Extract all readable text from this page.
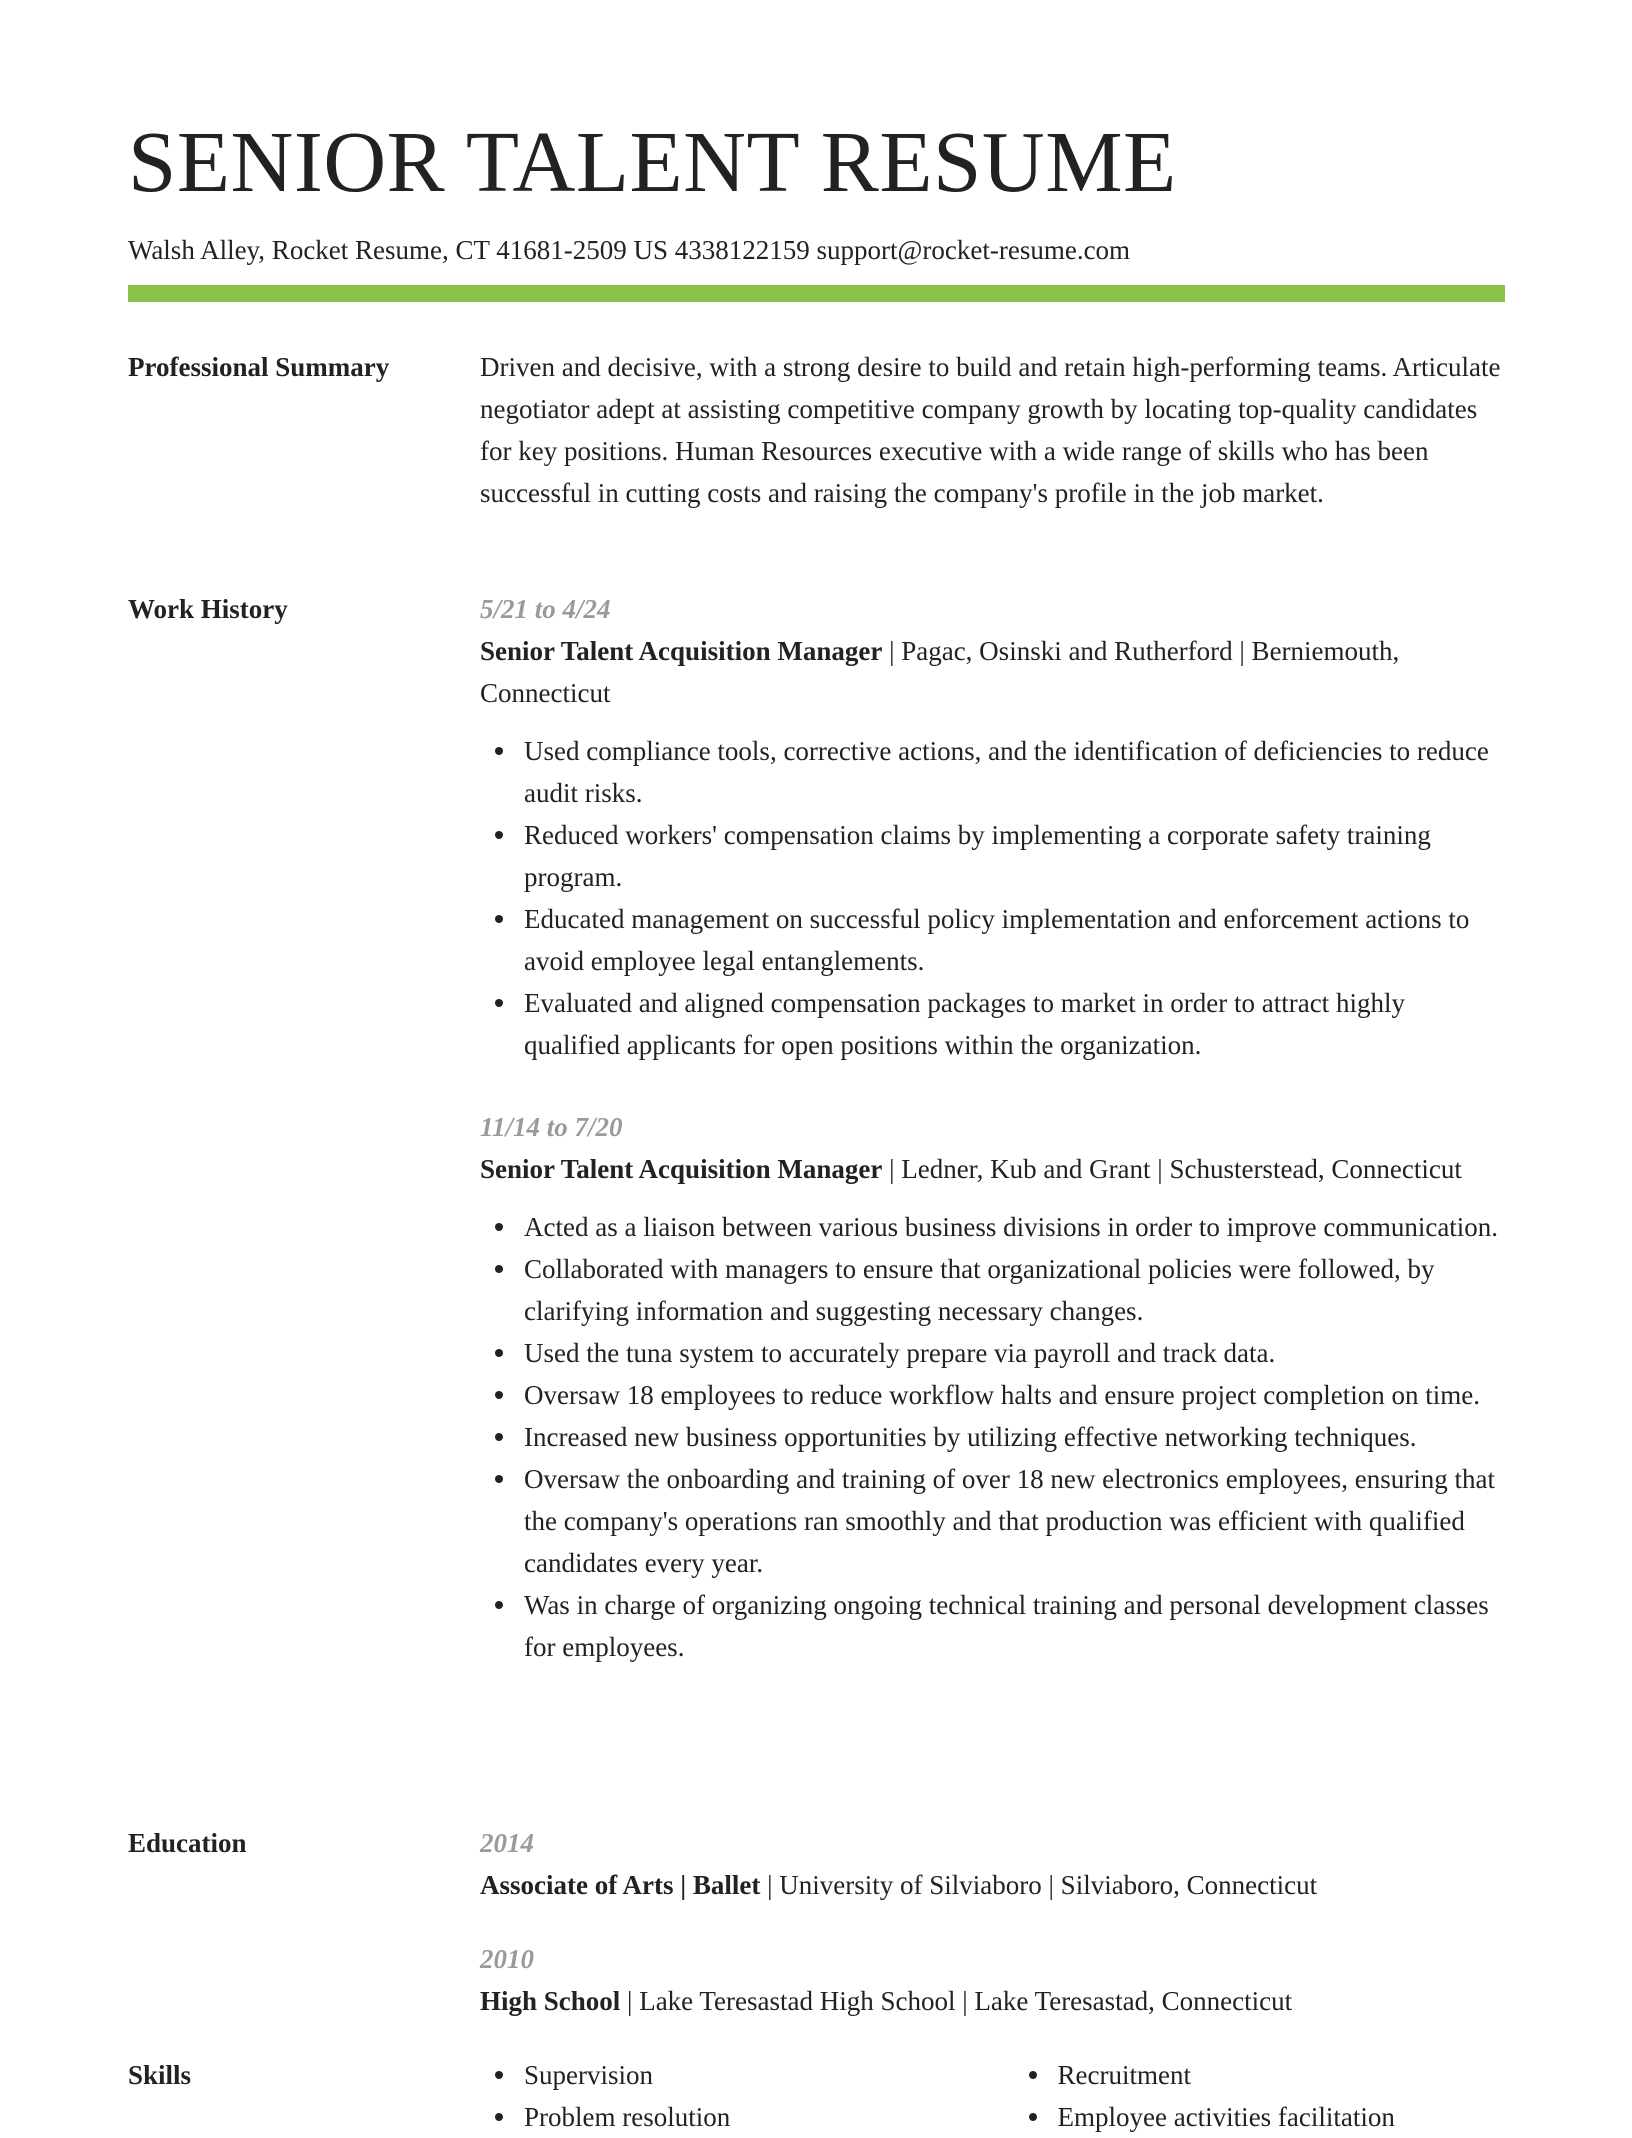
SENIOR TALENT RESUME
Walsh Alley, Rocket Resume, CT 41681-2509 US 4338122159 support@rocket-resume.com
Professional Summary	Driven and decisive, with a strong desire to build and retain high-performing teams. Articulate negotiator adept at assisting competitive company growth by locating top-quality candidates for key positions. Human Resources executive with a wide range of skills who has been successful in cutting costs and raising the company's profile in the job market.

Work History	5/21 to 4/24
Senior Talent Acquisition Manager | Pagac, Osinski and Rutherford | Berniemouth, Connecticut
Used compliance tools, corrective actions, and the identification of deficiencies to reduce audit risks.
Reduced workers' compensation claims by implementing a corporate safety training program.
Educated management on successful policy implementation and enforcement actions to avoid employee legal entanglements.
Evaluated and aligned compensation packages to market in order to attract highly qualified applicants for open positions within the organization.
11/14 to 7/20
Senior Talent Acquisition Manager | Ledner, Kub and Grant | Schusterstead, Connecticut
Acted as a liaison between various business divisions in order to improve communication.
Collaborated with managers to ensure that organizational policies were followed, by clarifying information and suggesting necessary changes.
Used the tuna system to accurately prepare via payroll and track data.
Oversaw 18 employees to reduce workflow halts and ensure project completion on time.
Increased new business opportunities by utilizing effective networking techniques.
Oversaw the onboarding and training of over 18 new electronics employees, ensuring that the company's operations ran smoothly and that production was efficient with qualified candidates every year.
Was in charge of organizing ongoing technical training and personal development classes for employees.
Education	2014
Associate of Arts | Ballet | University of Silviaboro | Silviaboro, Connecticut
2010
High School | Lake Teresastad High School | Lake Teresastad, Connecticut
Skills	Supervision
Problem resolution
Recruitment
Employee activities facilitation
